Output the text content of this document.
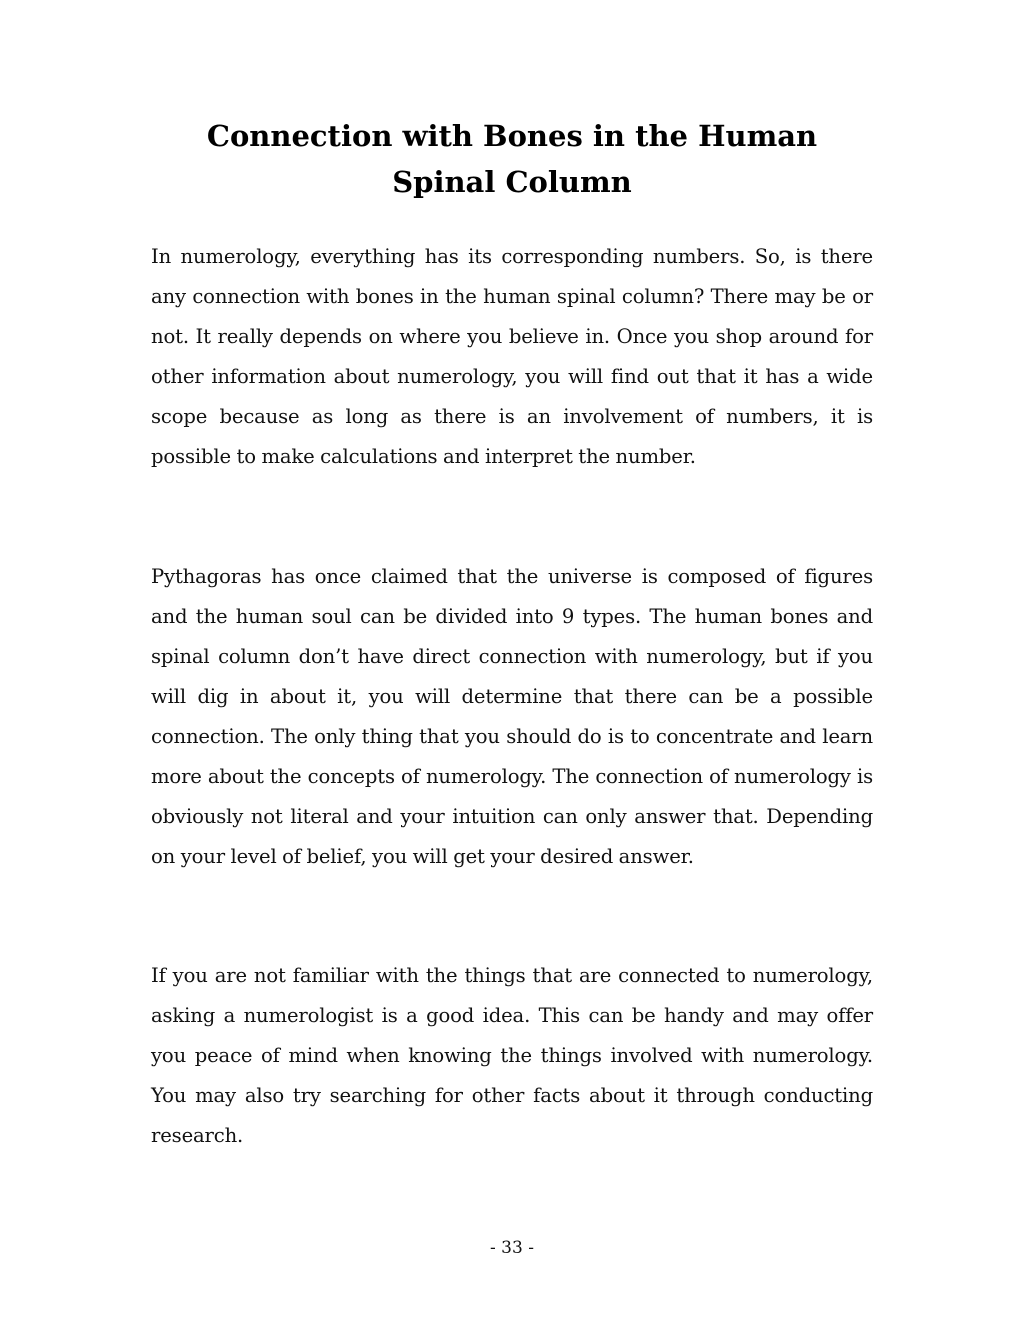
Connection with Bones in the Human Spinal Column

In numerology, everything has its corresponding numbers. So, is there any connection with bones in the human spinal column? There may be or not. It really depends on where you believe in. Once you shop around for other information about numerology, you will find out that it has a wide scope because as long as there is an involvement of numbers, it is possible to make calculations and interpret the number.

Pythagoras has once claimed that the universe is composed of figures and the human soul can be divided into 9 types. The human bones and spinal column don’t have direct connection with numerology, but if you will dig in about it, you will determine that there can be a possible connection. The only thing that you should do is to concentrate and learn more about the concepts of numerology. The connection of numerology is obviously not literal and your intuition can only answer that. Depending on your level of belief, you will get your desired answer.

If you are not familiar with the things that are connected to numerology, asking a numerologist is a good idea. This can be handy and may offer you peace of mind when knowing the things involved with numerology. You may also try searching for other facts about it through conducting research.

- 33 -
